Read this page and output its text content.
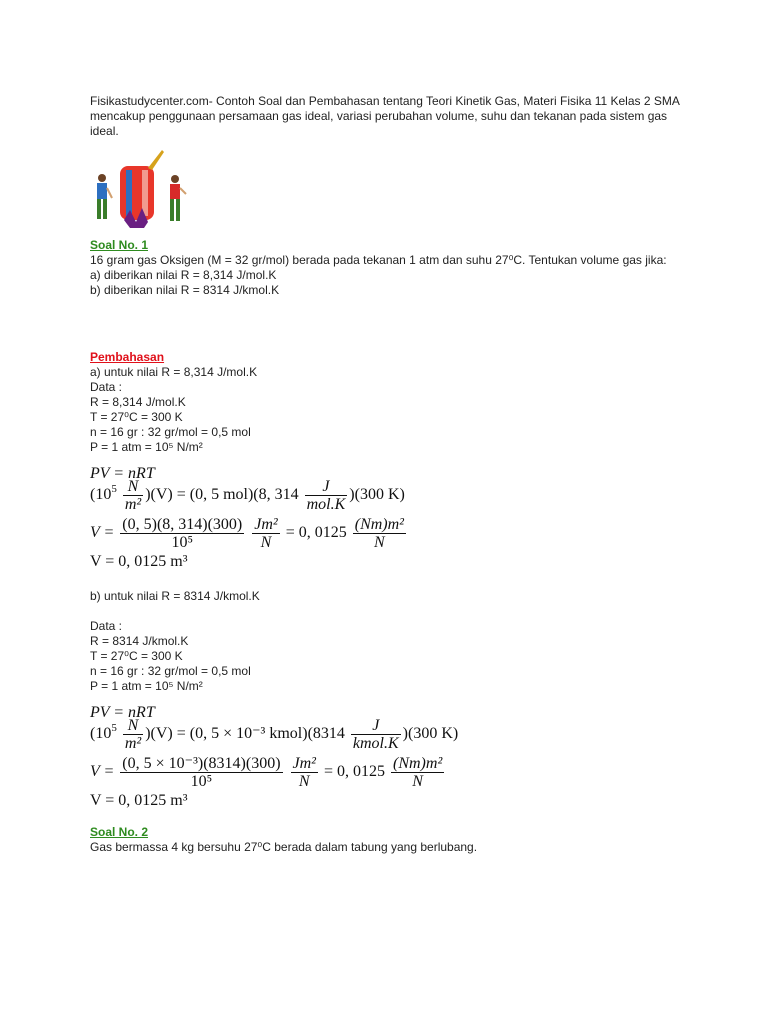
Fisikastudycenter.com- Contoh Soal dan Pembahasan tentang Teori Kinetik Gas, Materi Fisika 11 Kelas 2 SMA mencakup penggunaan persamaan gas ideal, variasi perubahan volume, suhu dan tekanan pada sistem gas ideal.
Soal No. 1
16 gram gas Oksigen (M = 32 gr/mol) berada pada tekanan 1 atm dan suhu 27⁰C. Tentukan volume gas jika:
a) diberikan nilai R = 8,314 J/mol.K
b) diberikan nilai R = 8314 J/kmol.K
Pembahasan
a) untuk nilai R = 8,314 J/mol.K
Data :
R = 8,314 J/mol.K
T = 27⁰C = 300 K
n = 16 gr : 32 gr/mol = 0,5 mol
P = 1 atm = 10⁵ N/m²
PV = nRT
$(10^5 \frac{N}{\text{m²}} )(V) = (0$, 5 mol)(8, $314 \frac{J}{\text{mol.K}} )(300$ K)
$V = \frac{(0, 5)(8, 314)(300)}{\text{10⁵}}$
$\frac{\text{Jm²}}{N} = 0$, $0125 \frac{\text{(Nm)m²}}{N}$
V = 0, 0125 m³
b) untuk nilai R = 8314 J/kmol.K
Data :
R = 8314 J/kmol.K
T = 27⁰C = 300 K
n = 16 gr : 32 gr/mol = 0,5 mol
P = 1 atm = 10⁵ N/m²
PV = nRT
$(10^5 \frac{N}{\text{m²}} )(V) = (0$, 5 × 10⁻³ kmol)(8314 $\frac{J}{\text{kmol.K}} )(300$ K)
$V = \frac{\text{(0, 5 × 10⁻³)(8314)(300)}}{\text{10⁵}}$
$\frac{\text{Jm²}}{N} = 0$, $0125 \frac{\text{(Nm)m²}}{N}$
V = 0, 0125 m³
Soal No. 2
Gas bermassa 4 kg bersuhu 27⁰C berada dalam tabung yang berlubang.
